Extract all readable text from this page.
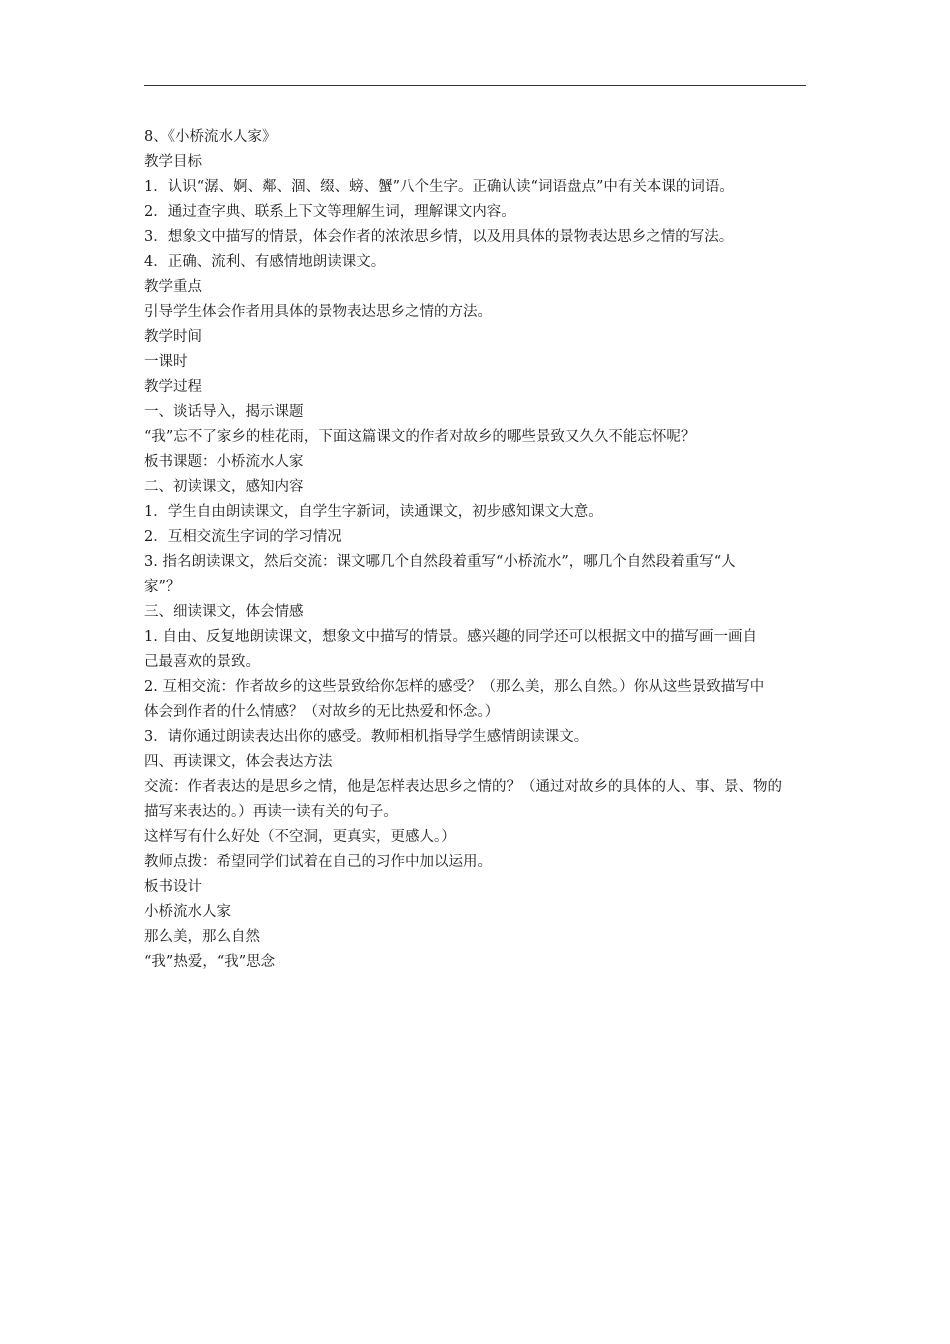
8、《小桥流水人家》

教学目标

1．认识“潺、婀、鄰、涸、缀、螃、蟹”八个生字。正确认读“词语盘点”中有关本课的词语。

2．通过查字典、联系上下文等理解生词，理解课文内容。

3．想象文中描写的情景，体会作者的浓浓思乡情，以及用具体的景物表达思乡之情的写法。

4．正确、流利、有感情地朗读课文。

教学重点

引导学生体会作者用具体的景物表达思乡之情的方法。

教学时间

一课时

教学过程

一、谈话导入，揭示课题

“我”忘不了家乡的桂花雨，下面这篇课文的作者对故乡的哪些景致又久久不能忘怀呢？

板书课题：小桥流水人家

二、初读课文，感知内容

1．学生自由朗读课文，自学生字新词，读通课文，初步感知课文大意。

2．互相交流生字词的学习情况

3. 指名朗读课文，然后交流：课文哪几个自然段着重写“小桥流水”，哪几个自然段着重写“人

家”？

三、细读课文，体会情感

1. 自由、反复地朗读课文，想象文中描写的情景。感兴趣的同学还可以根据文中的描写画一画自

己最喜欢的景致。

2. 互相交流：作者故乡的这些景致给你怎样的感受？（那么美，那么自然。）你从这些景致描写中

体会到作者的什么情感？（对故乡的无比热爱和怀念。）

3．请你通过朗读表达出你的感受。教师相机指导学生感情朗读课文。

四、再读课文，体会表达方法

交流：作者表达的是思乡之情，他是怎样表达思乡之情的？（通过对故乡的具体的人、事、景、物的

描写来表达的。）再读一读有关的句子。

这样写有什么好处（不空洞，更真实，更感人。）

教师点拨：希望同学们试着在自己的习作中加以运用。

板书设计

小桥流水人家

那么美，那么自然

“我”热爱，“我”思念
